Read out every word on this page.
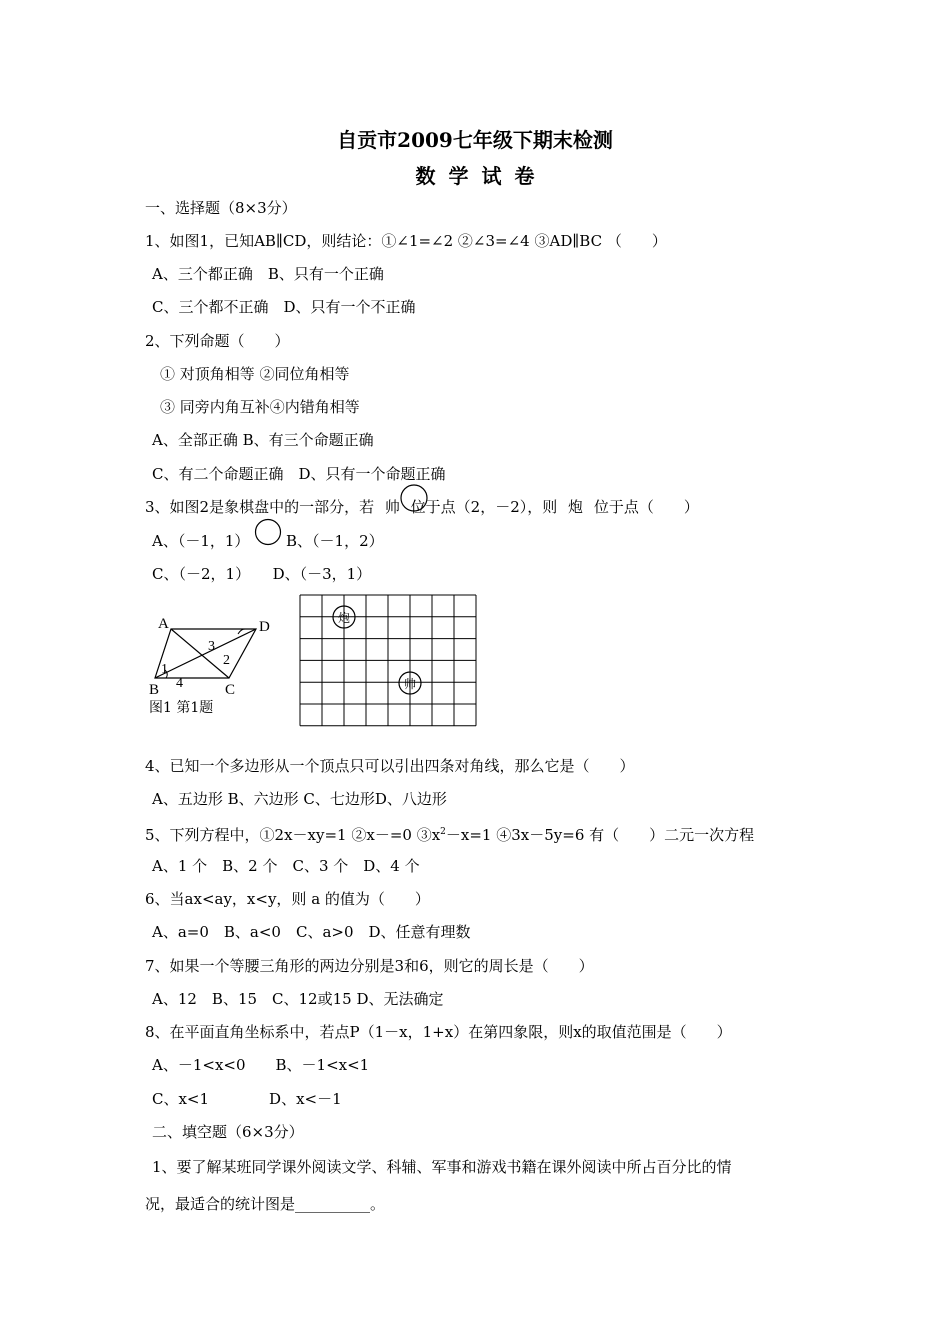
自贡市2009七年级下期末检测
数 学 试 卷
一、选择题（8×3分）
1、如图1，已知AB∥CD，则结论：①∠1=∠2 ②∠3=∠4 ③AD∥BC （　　）
A、三个都正确　B、只有一个正确
C、三个都不正确　D、只有一个不正确
2、下列命题（　　）
① 对顶角相等 ②同位角相等
③ 同旁内角互补④内错角相等
A、全部正确 B、有三个命题正确
C、有二个命题正确　D、只有一个命题正确
3、如图2是象棋盘中的一部分，若 帅 位于点（2，－2），则 炮 位于点（　　）
A、（－1，1） B、（－1，2）
C、（－2，1）　　D、（－3，1）
A	D
B	C
1
2
3
4
图1 第1题
炮
帅
4、已知一个多边形从一个顶点只可以引出四条对角线，那么它是（　　）
A、五边形 B、六边形 C、七边形D、八边形
5、下列方程中，①2x－xy=1 ②x－=0 $③x^2-x=1$ ④3x－5y=6 有（　　）二元一次方程
A、1 个　B、2 个　C、3 个　D、4 个
6、当ax<ay，x<y，则 a 的值为（　　）
A、a=0　B、a<0　C、a>0　D、任意有理数
7、如果一个等腰三角形的两边分别是3和6，则它的周长是（　　）
A、12　B、15　C、12或15 D、无法确定
8、在平面直角坐标系中，若点P（1－x，1+x）在第四象限，则x的取值范围是（　　）
A、－1<x<0　　B、－1<x<1
C、x<1　　　　D、x<－1
二、填空题（6×3分）
1、要了解某班同学课外阅读文学、科辅、军事和游戏书籍在课外阅读中所占百分比的情
况，最适合的统计图是__________。
